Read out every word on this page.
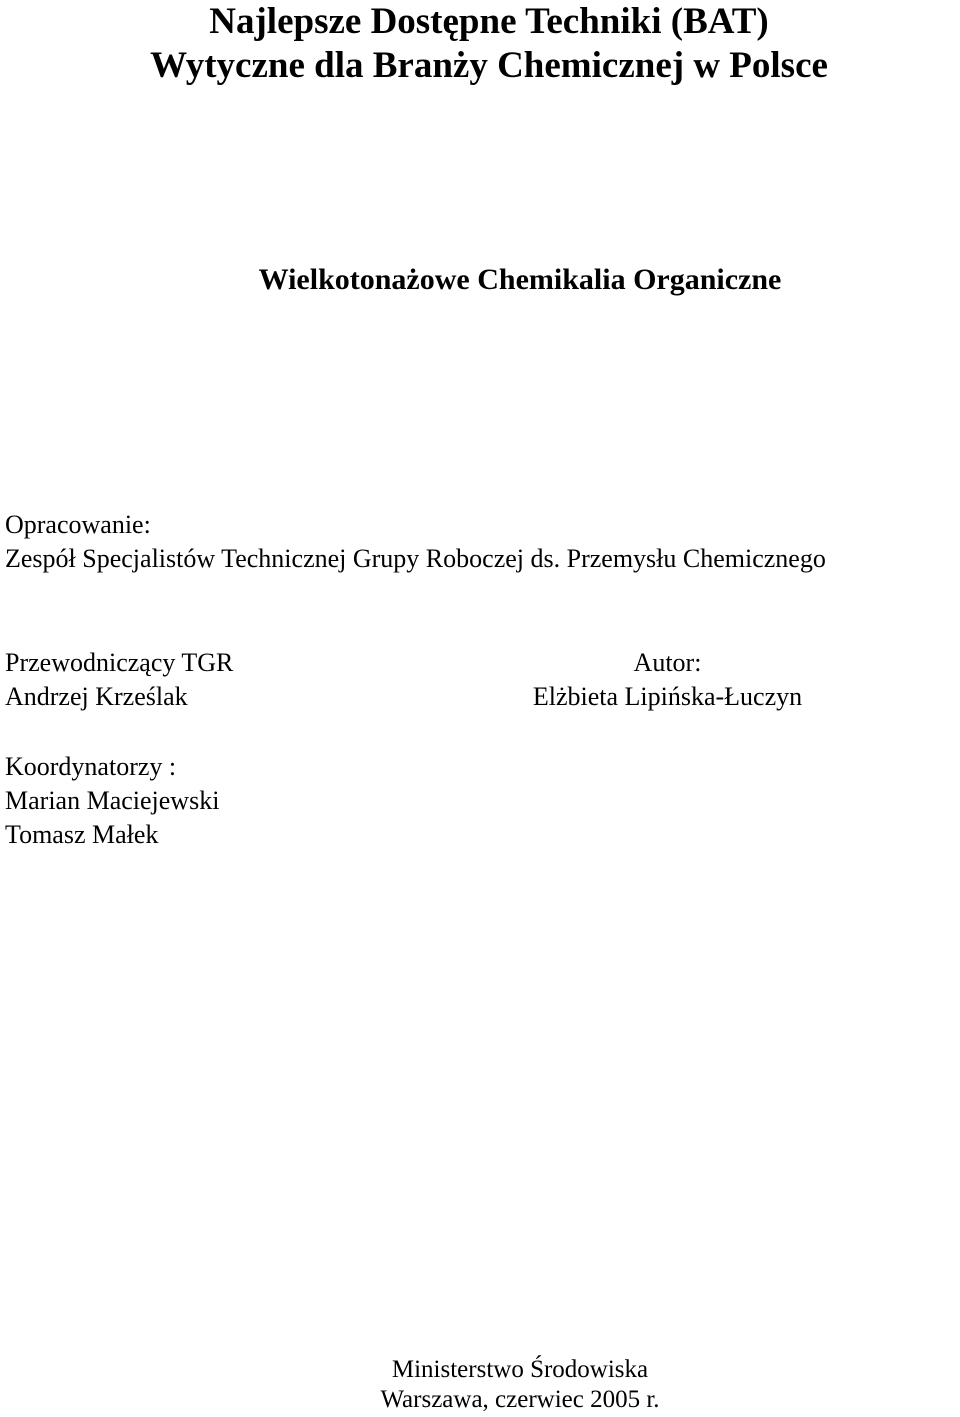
Najlepsze Dostępne Techniki (BAT)
Wytyczne dla Branży Chemicznej w Polsce
Wielkotonażowe Chemikalia Organiczne
Opracowanie:
Zespół Specjalistów Technicznej Grupy Roboczej ds. Przemysłu Chemicznego
Przewodniczący TGR
Andrzej Krześlak
Autor:
Elżbieta Lipińska-Łuczyn
Koordynatorzy :
Marian Maciejewski
Tomasz Małek
Ministerstwo Środowiska
Warszawa, czerwiec 2005 r.
